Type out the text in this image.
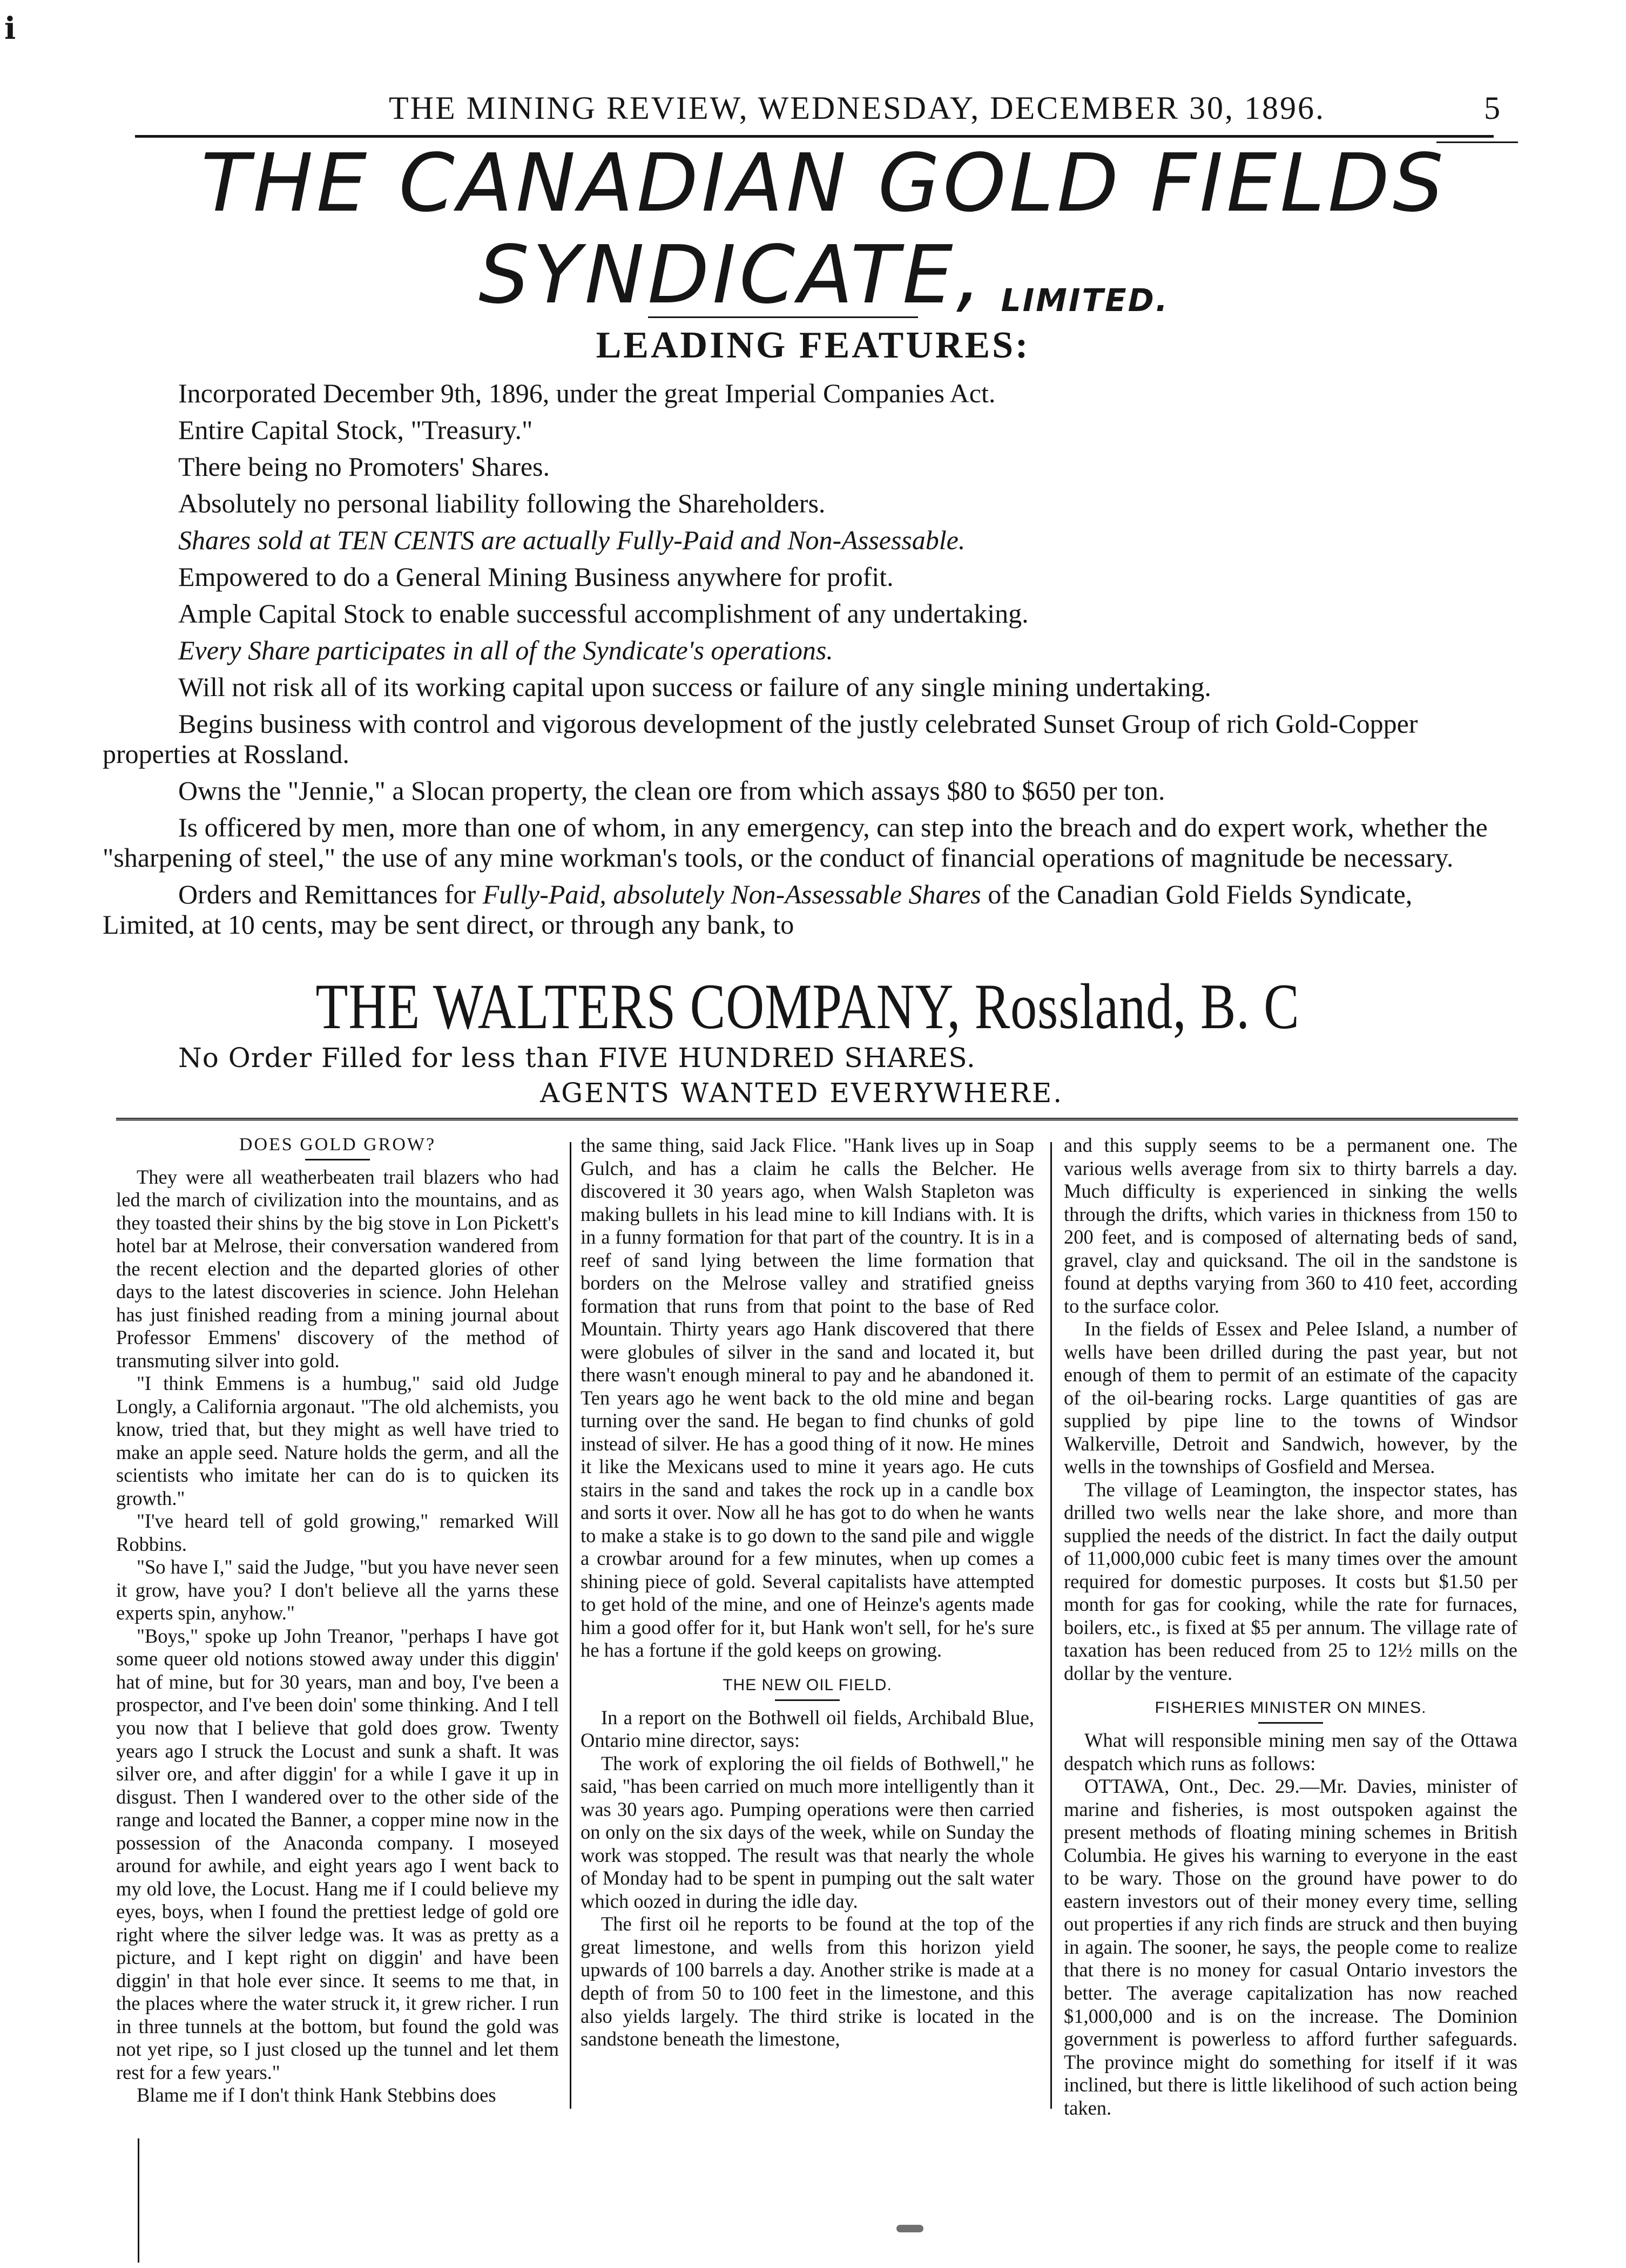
i
THE MINING REVIEW, WEDNESDAY, DECEMBER 30, 1896.	5
THE CANADIAN GOLD FIELDS
SYNDICATE, LIMITED.
LEADING FEATURES:

Incorporated December 9th, 1896, under the great Imperial Companies Act.

Entire Capital Stock, "Treasury."

There being no Promoters' Shares.

Absolutely no personal liability following the Shareholders.

Shares sold at TEN CENTS are actually Fully-Paid and Non-Assessable.

Empowered to do a General Mining Business anywhere for profit.

Ample Capital Stock to enable successful accomplishment of any undertaking.

Every Share participates in all of the Syndicate's operations.

Will not risk all of its working capital upon success or failure of any single mining undertaking.

Begins business with control and vigorous development of the justly celebrated Sunset Group of rich Gold-Copper properties at Rossland.

Owns the "Jennie," a Slocan property, the clean ore from which assays $80 to $650 per ton.

Is officered by men, more than one of whom, in any emergency, can step into the breach and do expert work, whether the "sharpening of steel," the use of any mine workman's tools, or the conduct of financial operations of magnitude be necessary.

Orders and Remittances for Fully-Paid, absolutely Non-Assessable Shares of the Canadian Gold Fields Syndicate, Limited, at 10 cents, may be sent direct, or through any bank, to

THE WALTERS COMPANY, Rossland, B. C
No Order Filled for less than FIVE HUNDRED SHARES.
AGENTS WANTED EVERYWHERE.

DOES GOLD GROW?

They were all weatherbeaten trail blazers who had led the march of civilization into the mountains, and as they toasted their shins by the big stove in Lon Pickett's hotel bar at Melrose, their conversation wandered from the recent election and the departed glories of other days to the latest discoveries in science. John Helehan has just finished reading from a mining journal about Professor Emmens' discovery of the method of transmuting silver into gold.

"I think Emmens is a humbug," said old Judge Longly, a California argonaut. "The old alchemists, you know, tried that, but they might as well have tried to make an apple seed. Nature holds the germ, and all the scientists who imitate her can do is to quicken its growth."

"I've heard tell of gold growing," remarked Will Robbins.

"So have I," said the Judge, "but you have never seen it grow, have you? I don't believe all the yarns these experts spin, anyhow."

"Boys," spoke up John Treanor, "perhaps I have got some queer old notions stowed away under this diggin' hat of mine, but for 30 years, man and boy, I've been a prospector, and I've been doin' some thinking. And I tell you now that I believe that gold does grow. Twenty years ago I struck the Locust and sunk a shaft. It was silver ore, and after diggin' for a while I gave it up in disgust. Then I wandered over to the other side of the range and located the Banner, a copper mine now in the possession of the Anaconda company. I moseyed around for awhile, and eight years ago I went back to my old love, the Locust. Hang me if I could believe my eyes, boys, when I found the prettiest ledge of gold ore right where the silver ledge was. It was as pretty as a picture, and I kept right on diggin' and have been diggin' in that hole ever since. It seems to me that, in the places where the water struck it, it grew richer. I run in three tunnels at the bottom, but found the gold was not yet ripe, so I just closed up the tunnel and let them rest for a few years."

Blame me if I don't think Hank Stebbins does

the same thing, said Jack Flice. "Hank lives up in Soap Gulch, and has a claim he calls the Belcher. He discovered it 30 years ago, when Walsh Stapleton was making bullets in his lead mine to kill Indians with. It is in a funny formation for that part of the country. It is in a reef of sand lying between the lime formation that borders on the Melrose valley and stratified gneiss formation that runs from that point to the base of Red Mountain. Thirty years ago Hank discovered that there were globules of silver in the sand and located it, but there wasn't enough mineral to pay and he abandoned it. Ten years ago he went back to the old mine and began turning over the sand. He began to find chunks of gold instead of silver. He has a good thing of it now. He mines it like the Mexicans used to mine it years ago. He cuts stairs in the sand and takes the rock up in a candle box and sorts it over. Now all he has got to do when he wants to make a stake is to go down to the sand pile and wiggle a crowbar around for a few minutes, when up comes a shining piece of gold. Several capitalists have attempted to get hold of the mine, and one of Heinze's agents made him a good offer for it, but Hank won't sell, for he's sure he has a fortune if the gold keeps on growing.

THE NEW OIL FIELD.

In a report on the Bothwell oil fields, Archibald Blue, Ontario mine director, says:

The work of exploring the oil fields of Bothwell," he said, "has been carried on much more intelligently than it was 30 years ago. Pumping operations were then carried on only on the six days of the week, while on Sunday the work was stopped. The result was that nearly the whole of Monday had to be spent in pumping out the salt water which oozed in during the idle day.

The first oil he reports to be found at the top of the great limestone, and wells from this horizon yield upwards of 100 barrels a day. Another strike is made at a depth of from 50 to 100 feet in the limestone, and this also yields largely. The third strike is located in the sandstone beneath the limestone,

and this supply seems to be a permanent one. The various wells average from six to thirty barrels a day. Much difficulty is experienced in sinking the wells through the drifts, which varies in thickness from 150 to 200 feet, and is composed of alternating beds of sand, gravel, clay and quicksand. The oil in the sandstone is found at depths varying from 360 to 410 feet, according to the surface color.

In the fields of Essex and Pelee Island, a number of wells have been drilled during the past year, but not enough of them to permit of an estimate of the capacity of the oil-bearing rocks. Large quantities of gas are supplied by pipe line to the towns of Windsor Walkerville, Detroit and Sandwich, however, by the wells in the townships of Gosfield and Mersea.

The village of Leamington, the inspector states, has drilled two wells near the lake shore, and more than supplied the needs of the district. In fact the daily output of 11,000,000 cubic feet is many times over the amount required for domestic purposes. It costs but $1.50 per month for gas for cooking, while the rate for furnaces, boilers, etc., is fixed at $5 per annum. The village rate of taxation has been reduced from 25 to 12½ mills on the dollar by the venture.

FISHERIES MINISTER ON MINES.

What will responsible mining men say of the Ottawa despatch which runs as follows:

OTTAWA, Ont., Dec. 29.—Mr. Davies, minister of marine and fisheries, is most outspoken against the present methods of floating mining schemes in British Columbia. He gives his warning to everyone in the east to be wary. Those on the ground have power to do eastern investors out of their money every time, selling out properties if any rich finds are struck and then buying in again. The sooner, he says, the people come to realize that there is no money for casual Ontario investors the better. The average capitalization has now reached $1,000,000 and is on the increase. The Dominion government is powerless to afford further safeguards. The province might do something for itself if it was inclined, but there is little likelihood of such action being taken.
